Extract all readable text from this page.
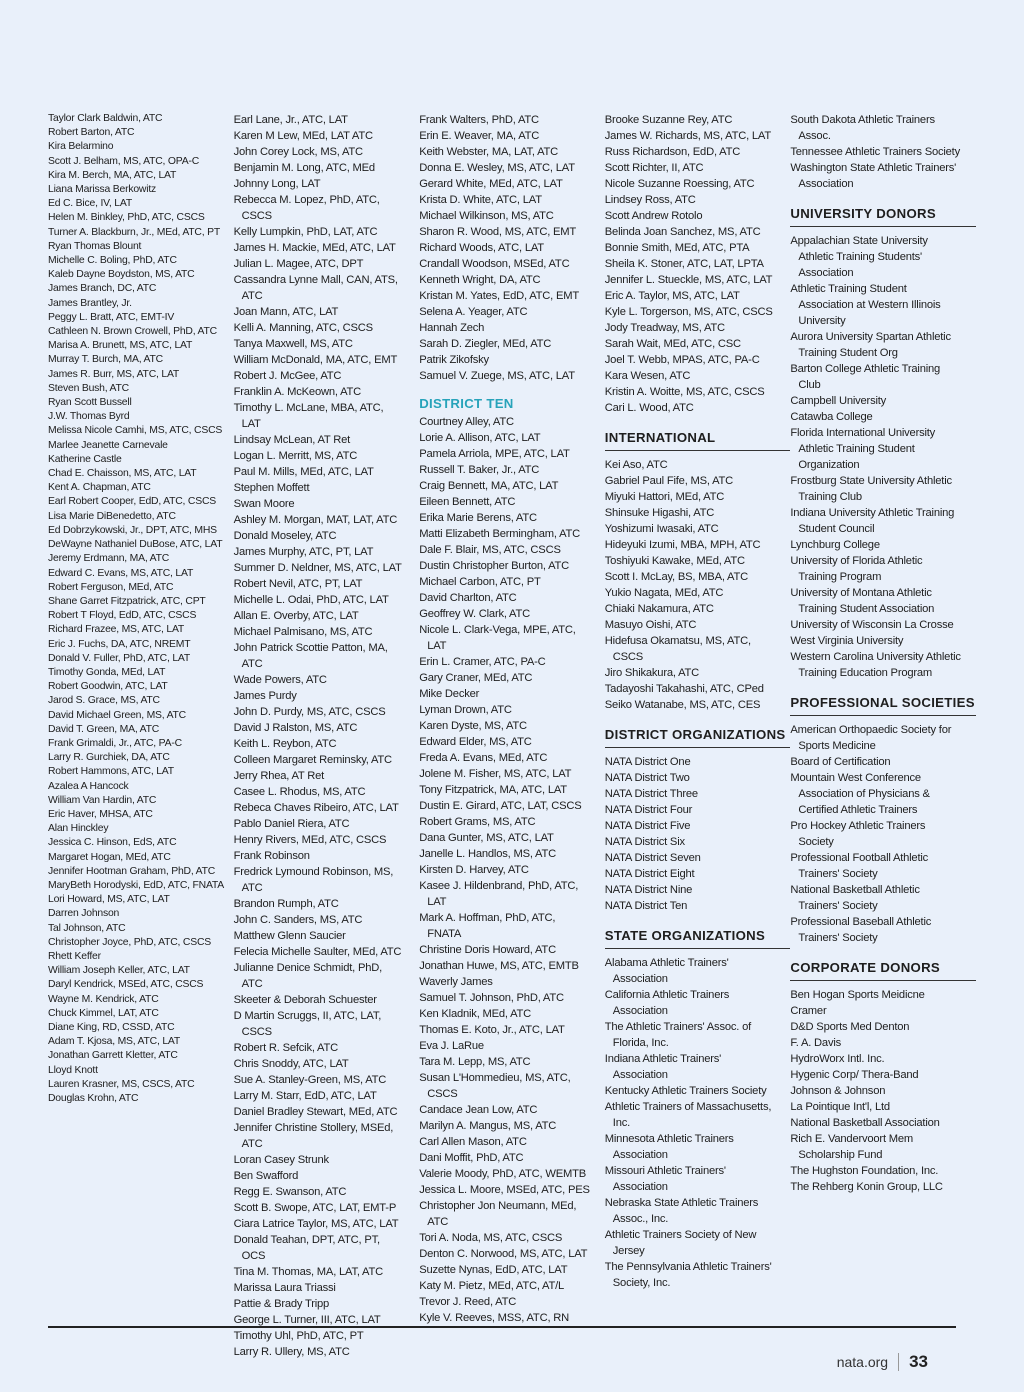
Taylor Clark Baldwin, ATC
Robert Barton, ATC
Kira Belarmino
Scott J. Belham, MS, ATC, OPA-C
Kira M. Berch, MA, ATC, LAT
Liana Marissa Berkowitz
Ed C. Bice, IV, LAT
Helen M. Binkley, PhD, ATC, CSCS
Turner A. Blackburn, Jr., MEd, ATC, PT
Ryan Thomas Blount
Michelle C. Boling, PhD, ATC
Kaleb Dayne Boydston, MS, ATC
James Branch, DC, ATC
James Brantley, Jr.
Peggy L. Bratt, ATC, EMT-IV
Cathleen N. Brown Crowell, PhD, ATC
Marisa A. Brunett, MS, ATC, LAT
Murray T. Burch, MA, ATC
James R. Burr, MS, ATC, LAT
Steven Bush, ATC
Ryan Scott Bussell
J.W. Thomas Byrd
Melissa Nicole Camhi, MS, ATC, CSCS
Marlee Jeanette Carnevale
Katherine Castle
Chad E. Chaisson, MS, ATC, LAT
Kent A. Chapman, ATC
Earl Robert Cooper, EdD, ATC, CSCS
Lisa Marie DiBenedetto, ATC
Ed Dobrzykowski, Jr., DPT, ATC, MHS
DeWayne Nathaniel DuBose, ATC, LAT
Jeremy Erdmann, MA, ATC
Edward C. Evans, MS, ATC, LAT
Robert Ferguson, MEd, ATC
Shane Garret Fitzpatrick, ATC, CPT
Robert T Floyd, EdD, ATC, CSCS
Richard Frazee, MS, ATC, LAT
Eric J. Fuchs, DA, ATC, NREMT
Donald V. Fuller, PhD, ATC, LAT
Timothy Gonda, MEd, LAT
Robert Goodwin, ATC, LAT
Jarod S. Grace, MS, ATC
David Michael Green, MS, ATC
David T. Green, MA, ATC
Frank Grimaldi, Jr., ATC, PA-C
Larry R. Gurchiek, DA, ATC
Robert Hammons, ATC, LAT
Azalea A Hancock
William Van Hardin, ATC
Eric Haver, MHSA, ATC
Alan Hinckley
Jessica C. Hinson, EdS, ATC
Margaret Hogan, MEd, ATC
Jennifer Hootman Graham, PhD, ATC
MaryBeth Horodyski, EdD, ATC, FNATA
Lori Howard, MS, ATC, LAT
Darren Johnson
Tal Johnson, ATC
Christopher Joyce, PhD, ATC, CSCS
Rhett Keffer
William Joseph Keller, ATC, LAT
Daryl Kendrick, MSEd, ATC, CSCS
Wayne M. Kendrick, ATC
Chuck Kimmel, LAT, ATC
Diane King, RD, CSSD, ATC
Adam T. Kjosa, MS, ATC, LAT
Jonathan Garrett Kletter, ATC
Lloyd Knott
Lauren Krasner, MS, CSCS, ATC
Douglas Krohn, ATC
Earl Lane, Jr., ATC, LAT
Karen M Lew, MEd, LAT ATC
John Corey Lock, MS, ATC
Benjamin M. Long, ATC, MEd
Johnny Long, LAT
Rebecca M. Lopez, PhD, ATC, CSCS
Kelly Lumpkin, PhD, LAT, ATC
James H. Mackie, MEd, ATC, LAT
Julian L. Magee, ATC, DPT
Cassandra Lynne Mall, CAN, ATS, ATC
Joan Mann, ATC, LAT
Kelli A. Manning, ATC, CSCS
Tanya Maxwell, MS, ATC
William McDonald, MA, ATC, EMT
Robert J. McGee, ATC
Franklin A. McKeown, ATC
Timothy L. McLane, MBA, ATC, LAT
Lindsay McLean, AT Ret
Logan L. Merritt, MS, ATC
Paul M. Mills, MEd, ATC, LAT
Stephen Moffett
Swan Moore
Ashley M. Morgan, MAT, LAT, ATC
Donald Moseley, ATC
James Murphy, ATC, PT, LAT
Summer D. Neldner, MS, ATC, LAT
Robert Nevil, ATC, PT, LAT
Michelle L. Odai, PhD, ATC, LAT
Allan E. Overby, ATC, LAT
Michael Palmisano, MS, ATC
John Patrick Scottie Patton, MA, ATC
Wade Powers, ATC
James Purdy
John D. Purdy, MS, ATC, CSCS
David J Ralston, MS, ATC
Keith L. Reybon, ATC
Colleen Margaret Reminsky, ATC
Jerry Rhea, AT Ret
Casee L. Rhodus, MS, ATC
Rebeca Chaves Ribeiro, ATC, LAT
Pablo Daniel Riera, ATC
Henry Rivers, MEd, ATC, CSCS
Frank Robinson
Fredrick Lymound Robinson, MS, ATC
Brandon Rumph, ATC
John C. Sanders, MS, ATC
Matthew Glenn Saucier
Felecia Michelle Saulter, MEd, ATC
Julianne Denice Schmidt, PhD, ATC
Skeeter & Deborah Schuester
D Martin Scruggs, II, ATC, LAT, CSCS
Robert R. Sefcik, ATC
Chris Snoddy, ATC, LAT
Sue A. Stanley-Green, MS, ATC
Larry M. Starr, EdD, ATC, LAT
Daniel Bradley Stewart, MEd, ATC
Jennifer Christine Stollery, MSEd, ATC
Loran Casey Strunk
Ben Swafford
Regg E. Swanson, ATC
Scott B. Swope, ATC, LAT, EMT-P
Ciara Latrice Taylor, MS, ATC, LAT
Donald Teahan, DPT, ATC, PT, OCS
Tina M. Thomas, MA, LAT, ATC
Marissa Laura Triassi
Pattie & Brady Tripp
George L. Turner, III, ATC, LAT
Timothy Uhl, PhD, ATC, PT
Larry R. Ullery, MS, ATC
Frank Walters, PhD, ATC
Erin E. Weaver, MA, ATC
Keith Webster, MA, LAT, ATC
Donna E. Wesley, MS, ATC, LAT
Gerard White, MEd, ATC, LAT
Krista D. White, ATC, LAT
Michael Wilkinson, MS, ATC
Sharon R. Wood, MS, ATC, EMT
Richard Woods, ATC, LAT
Crandall Woodson, MSEd, ATC
Kenneth Wright, DA, ATC
Kristan M. Yates, EdD, ATC, EMT
Selena A. Yeager, ATC
Hannah Zech
Sarah D. Ziegler, MEd, ATC
Patrik Zikofsky
Samuel V. Zuege, MS, ATC, LAT
DISTRICT TEN
Courtney Alley, ATC
Lorie A. Allison, ATC, LAT
Pamela Arriola, MPE, ATC, LAT
Russell T. Baker, Jr., ATC
Craig Bennett, MA, ATC, LAT
Eileen Bennett, ATC
Erika Marie Berens, ATC
Matti Elizabeth Bermingham, ATC
Dale F. Blair, MS, ATC, CSCS
Dustin Christopher Burton, ATC
Michael Carbon, ATC, PT
David Charlton, ATC
Geoffrey W. Clark, ATC
Nicole L. Clark-Vega, MPE, ATC, LAT
Erin L. Cramer, ATC, PA-C
Gary Craner, MEd, ATC
Mike Decker
Lyman Drown, ATC
Karen Dyste, MS, ATC
Edward Elder, MS, ATC
Freda A. Evans, MEd, ATC
Jolene M. Fisher, MS, ATC, LAT
Tony Fitzpatrick, MA, ATC, LAT
Dustin E. Girard, ATC, LAT, CSCS
Robert Grams, MS, ATC
Dana Gunter, MS, ATC, LAT
Janelle L. Handlos, MS, ATC
Kirsten D. Harvey, ATC
Kasee J. Hildenbrand, PhD, ATC, LAT
Mark A. Hoffman, PhD, ATC, FNATA
Christine Doris Howard, ATC
Jonathan Huwe, MS, ATC, EMTB
Waverly James
Samuel T. Johnson, PhD, ATC
Ken Kladnik, MEd, ATC
Thomas E. Koto, Jr., ATC, LAT
Eva J. LaRue
Tara M. Lepp, MS, ATC
Susan L'Hommedieu, MS, ATC, CSCS
Candace Jean Low, ATC
Marilyn A. Mangus, MS, ATC
Carl Allen Mason, ATC
Dani Moffit, PhD, ATC
Valerie Moody, PhD, ATC, WEMTB
Jessica L. Moore, MSEd, ATC, PES
Christopher Jon Neumann, MEd, ATC
Tori A. Noda, MS, ATC, CSCS
Denton C. Norwood, MS, ATC, LAT
Suzette Nynas, EdD, ATC, LAT
Katy M. Pietz, MEd, ATC, AT/L
Trevor J. Reed, ATC
Kyle V. Reeves, MSS, ATC, RN
Brooke Suzanne Rey, ATC
James W. Richards, MS, ATC, LAT
Russ Richardson, EdD, ATC
Scott Richter, II, ATC
Nicole Suzanne Roessing, ATC
Lindsey Ross, ATC
Scott Andrew Rotolo
Belinda Joan Sanchez, MS, ATC
Bonnie Smith, MEd, ATC, PTA
Sheila K. Stoner, ATC, LAT, LPTA
Jennifer L. Stueckle, MS, ATC, LAT
Eric A. Taylor, MS, ATC, LAT
Kyle L. Torgerson, MS, ATC, CSCS
Jody Treadway, MS, ATC
Sarah Wait, MEd, ATC, CSC
Joel T. Webb, MPAS, ATC, PA-C
Kara Wesen, ATC
Kristin A. Woitte, MS, ATC, CSCS
Cari L. Wood, ATC
INTERNATIONAL
Kei Aso, ATC
Gabriel Paul Fife, MS, ATC
Miyuki Hattori, MEd, ATC
Shinsuke Higashi, ATC
Yoshizumi Iwasaki, ATC
Hideyuki Izumi, MBA, MPH, ATC
Toshiyuki Kawake, MEd, ATC
Scott I. McLay, BS, MBA, ATC
Yukio Nagata, MEd, ATC
Chiaki Nakamura, ATC
Masuyo Oishi, ATC
Hidefusa Okamatsu, MS, ATC, CSCS
Jiro Shikakura, ATC
Tadayoshi Takahashi, ATC, CPed
Seiko Watanabe, MS, ATC, CES
DISTRICT ORGANIZATIONS
NATA District One
NATA District Two
NATA District Three
NATA District Four
NATA District Five
NATA District Six
NATA District Seven
NATA District Eight
NATA District Nine
NATA District Ten
STATE ORGANIZATIONS
Alabama Athletic Trainers' Association
California Athletic Trainers Association
The Athletic Trainers' Assoc. of Florida, Inc.
Indiana Athletic Trainers' Association
Kentucky Athletic Trainers Society
Athletic Trainers of Massachusetts, Inc.
Minnesota Athletic Trainers Association
Missouri Athletic Trainers' Association
Nebraska State Athletic Trainers Assoc., Inc.
Athletic Trainers Society of New Jersey
The Pennsylvania Athletic Trainers' Society, Inc.
South Dakota Athletic Trainers Assoc.
Tennessee Athletic Trainers Society
Washington State Athletic Trainers' Association
UNIVERSITY DONORS
Appalachian State University Athletic Training Students' Association
Athletic Training Student Association at Western Illinois University
Aurora University Spartan Athletic Training Student Org
Barton College Athletic Training Club
Campbell University
Catawba College
Florida International University Athletic Training Student Organization
Frostburg State University Athletic Training Club
Indiana University Athletic Training Student Council
Lynchburg College
University of Florida Athletic Training Program
University of Montana Athletic Training Student Association
University of Wisconsin La Crosse
West Virginia University
Western Carolina University Athletic Training Education Program
PROFESSIONAL SOCIETIES
American Orthopaedic Society for Sports Medicine
Board of Certification
Mountain West Conference Association of Physicians & Certified Athletic Trainers
Pro Hockey Athletic Trainers Society
Professional Football Athletic Trainers' Society
National Basketball Athletic Trainers' Society
Professional Baseball Athletic Trainers' Society
CORPORATE DONORS
Ben Hogan Sports Meidicne
Cramer
D&D Sports Med Denton
F. A. Davis
HydroWorx Intl. Inc.
Hygenic Corp/ Thera-Band
Johnson & Johnson
La Pointique Int'l, Ltd
National Basketball Association
Rich E. Vandervoort Mem Scholarship Fund
The Hughston Foundation, Inc.
The Rehberg Konin Group, LLC
nata.org 33
